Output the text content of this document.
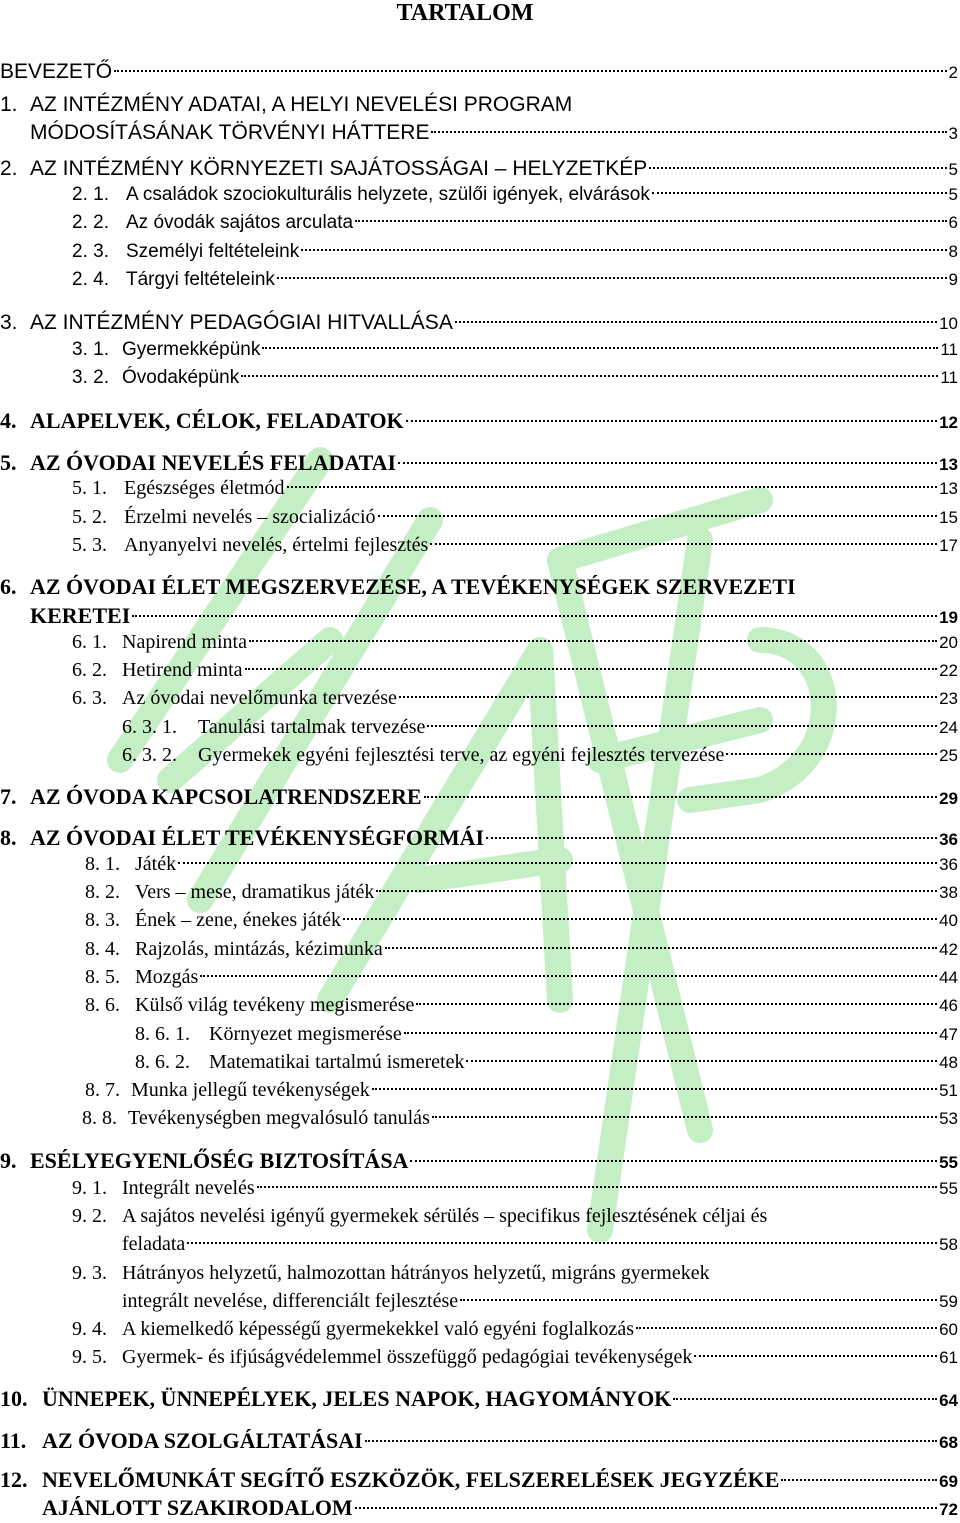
TARTALOM
BEVEZETŐ	2
1. AZ INTÉZMÉNY ADATAI, A HELYI NEVELÉSI PROGRAM
MÓDOSÍTÁSÁNAK TÖRVÉNYI HÁTTERE	3
2. AZ INTÉZMÉNY KÖRNYEZETI SAJÁTOSSÁGAI – HELYZETKÉP	5
2. 1. A családok szociokulturális helyzete, szülői igények, elvárások	5
2. 2. Az óvodák sajátos arculata	6
2. 3. Személyi feltételeink	8
2. 4. Tárgyi feltételeink	9
3. AZ INTÉZMÉNY PEDAGÓGIAI HITVALLÁSA	10
3. 1. Gyermekképünk	11
3. 2. Óvodaképünk	11
4. ALAPELVEK, CÉLOK, FELADATOK	12
5. AZ ÓVODAI NEVELÉS FELADATAI	13
5. 1. Egészséges életmód	13
5. 2. Érzelmi nevelés – szocializáció	15
5. 3. Anyanyelvi nevelés, értelmi fejlesztés	17
6. AZ ÓVODAI ÉLET MEGSZERVEZÉSE, A TEVÉKENYSÉGEK SZERVEZETI
KERETEI	19
6. 1. Napirend minta	20
6. 2. Hetirend minta	22
6. 3. Az óvodai nevelőmunka tervezése	23
6. 3. 1.	Tanulási tartalmak tervezése	24
6. 3. 2.	Gyermekek egyéni fejlesztési terve, az egyéni fejlesztés tervezése	25
7. AZ ÓVODA KAPCSOLATRENDSZERE	29
8. AZ ÓVODAI ÉLET TEVÉKENYSÉGFORMÁI	36
8. 1. Játék	36
8. 2. Vers – mese, dramatikus játék	38
8. 3. Ének – zene, énekes játék	40
8. 4. Rajzolás, mintázás, kézimunka	42
8. 5. Mozgás	44
8. 6. Külső világ tevékeny megismerése	46
8. 6. 1. Környezet megismerése	47
8. 6. 2. Matematikai tartalmú ismeretek	48
8. 7. Munka jellegű tevékenységek	51
8. 8. Tevékenységben megvalósuló tanulás	53
9. ESÉLYEGYENLŐSÉG BIZTOSÍTÁSA	55
9. 1. Integrált nevelés	55
9. 2. A sajátos nevelési igényű gyermekek sérülés – specifikus fejlesztésének céljai és
feladata	58
9. 3. Hátrányos helyzetű, halmozottan hátrányos helyzetű, migráns gyermekek
integrált nevelése, differenciált fejlesztése	59
9. 4. A kiemelkedő képességű gyermekekkel való egyéni foglalkozás	60
9. 5. Gyermek- és ifjúságvédelemmel összefüggő pedagógiai tevékenységek	61
10. ÜNNEPEK, ÜNNEPÉLYEK, JELES NAPOK, HAGYOMÁNYOK	64
11. AZ ÓVODA SZOLGÁLTATÁSAI	68
12. NEVELŐMUNKÁT SEGÍTŐ ESZKÖZÖK, FELSZERELÉSEK JEGYZÉKE	69
AJÁNLOTT SZAKIRODALOM	72
